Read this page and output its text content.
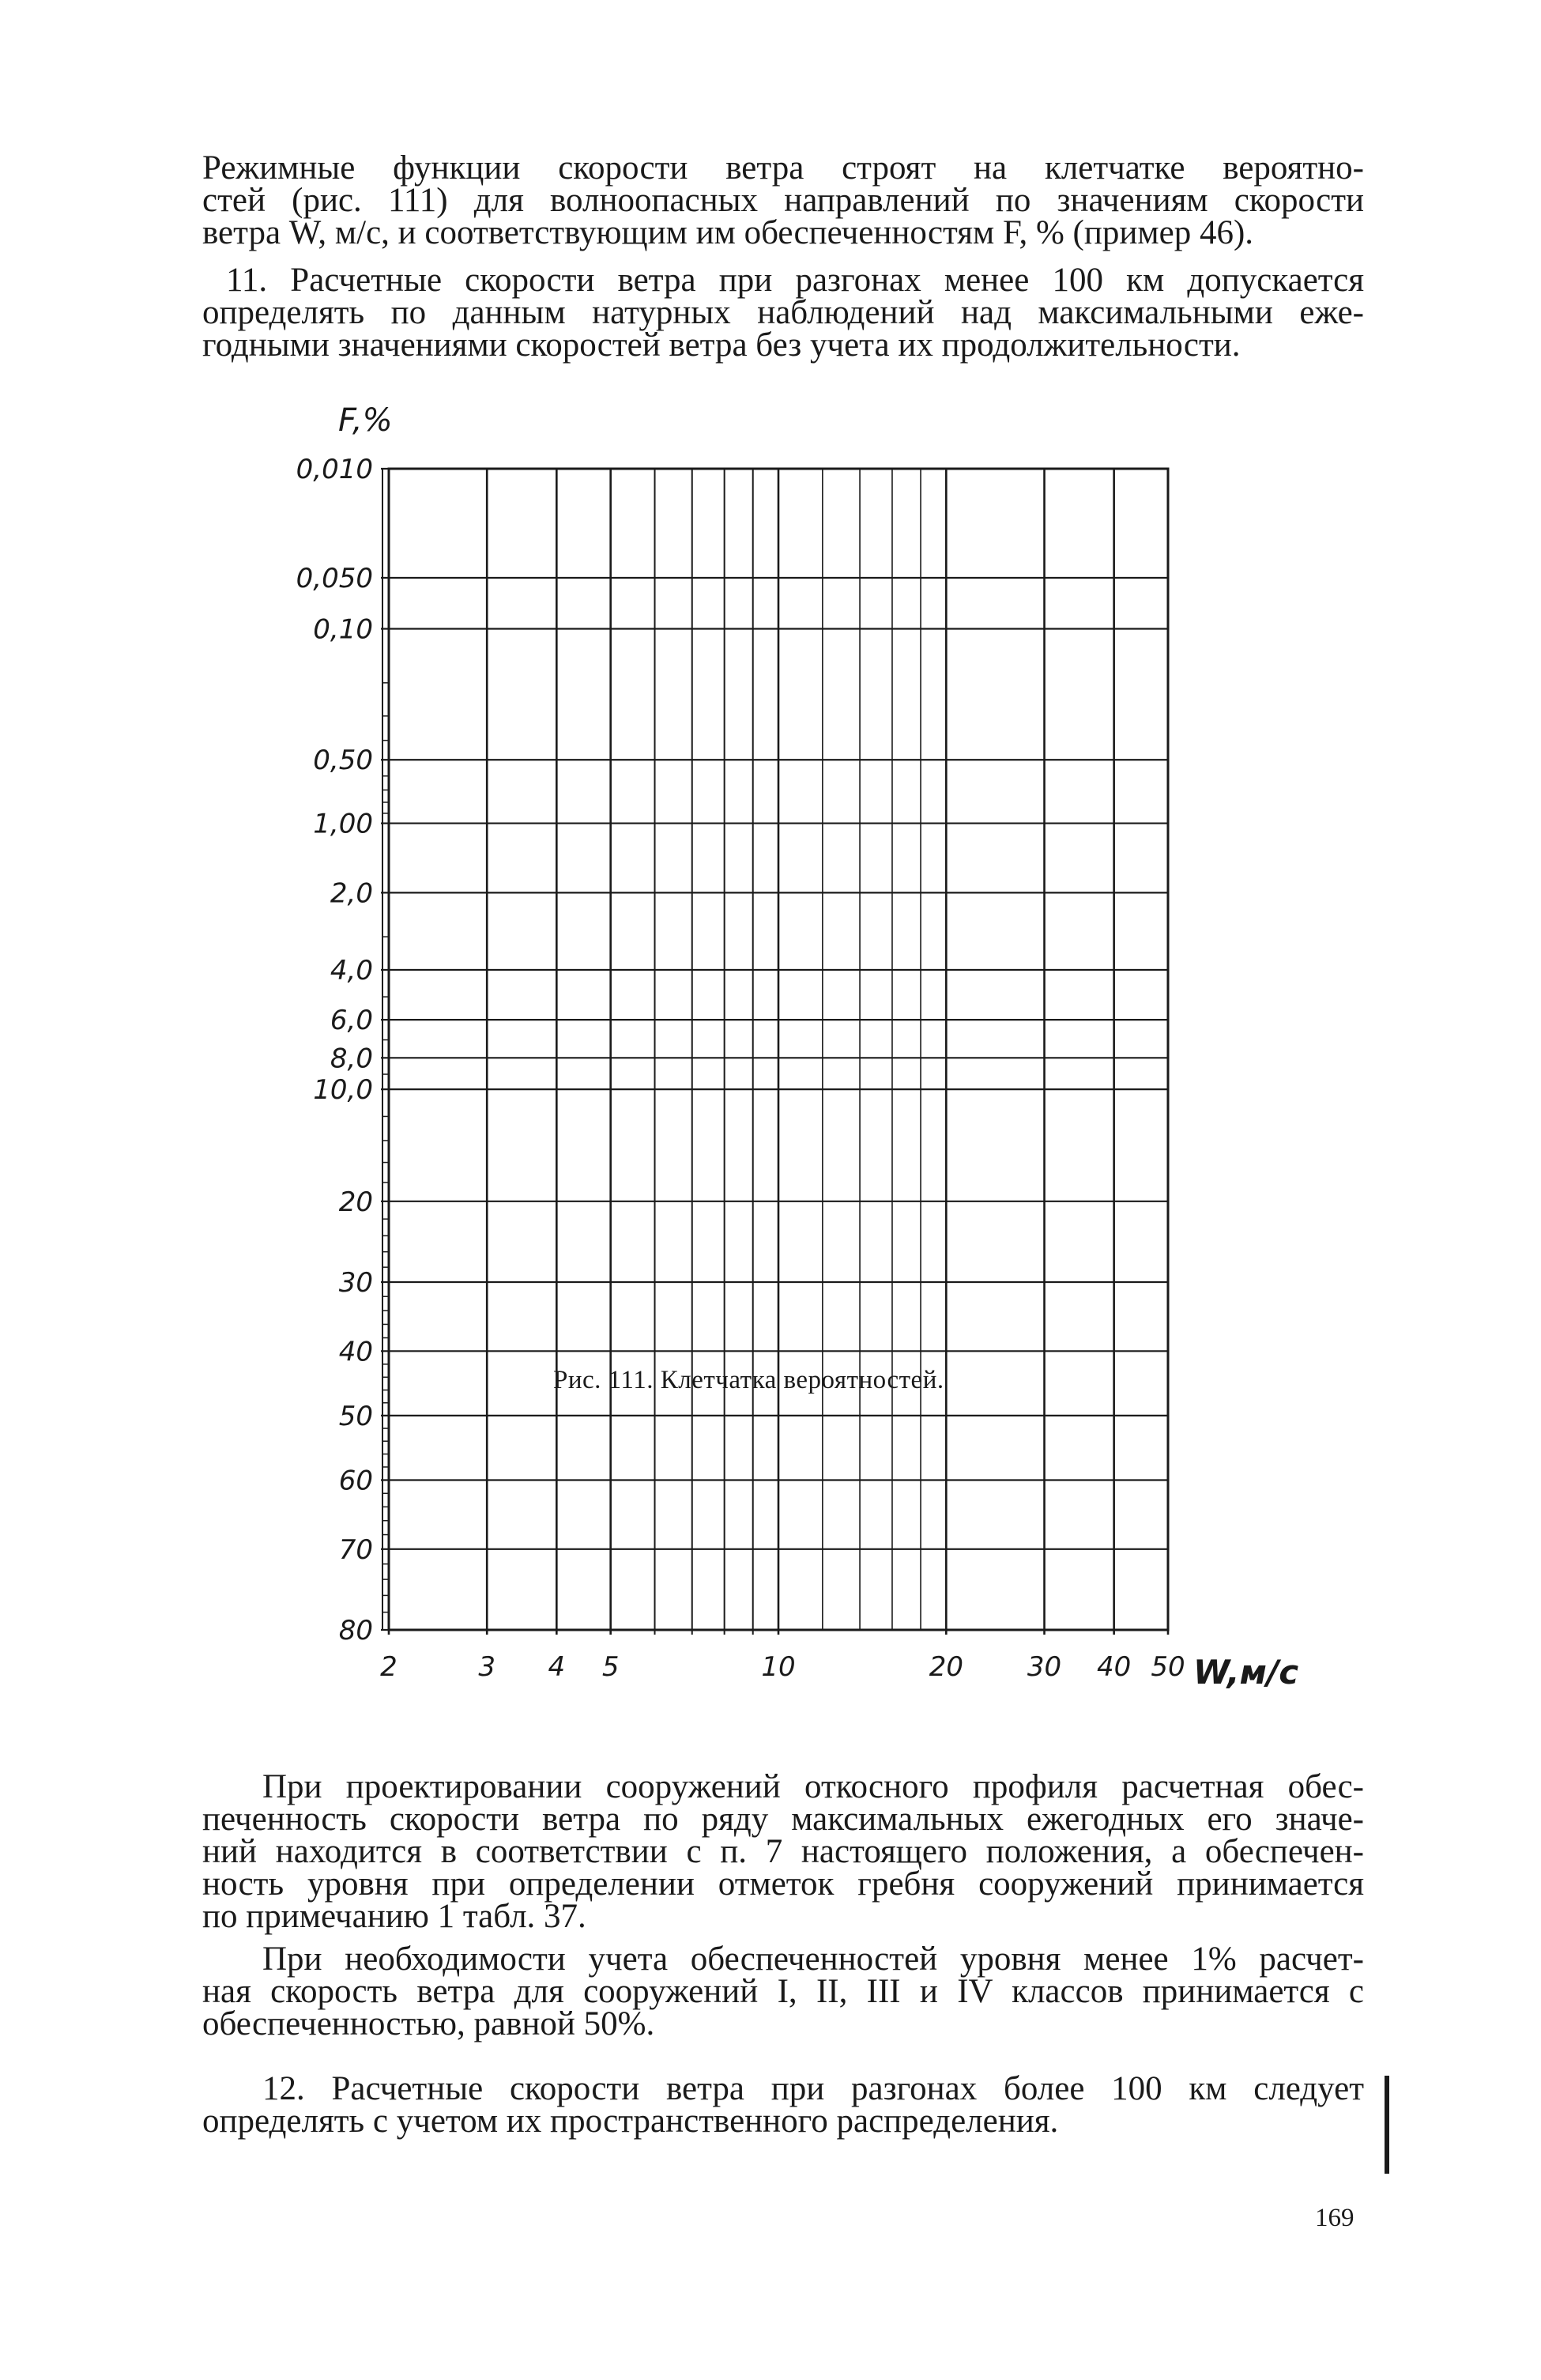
Режимные функции скорости ветра строят на клетчатке вероятно-
стей (рис. 111) для волноопасных направлений по значениям скорости
ветра W, м/с, и соответствующим им обеспеченностям F, % (пример 46).
11. Расчетные скорости ветра при разгонах менее 100 км допускается
определять по данным натурных наблюдений над максимальными еже-
годными значениями скоростей ветра без учета их продолжительности.
0,010
0,050
0,10
0,50
1,00
2,0
4,0
6,0
8,0
10,0
20
30
40
50
60
70
80
2	3 4 5	10	20 30 40 50
F,%
W,м/с
Рис. 111. Клетчатка вероятностей.
При проектировании сооружений откосного профиля расчетная обес-
печенность скорости ветра по ряду максимальных ежегодных его значе-
ний находится в соответствии с п. 7 настоящего положения, а обеспечен-
ность уровня при определении отметок гребня сооружений принимается
по примечанию 1 табл. 37.
При необходимости учета обеспеченностей уровня менее 1% расчет-
ная скорость ветра для сооружений I, II, III и IV классов принимается с
обеспеченностью, равной 50%.
12. Расчетные скорости ветра при разгонах более 100 км следует
определять с учетом их пространственного распределения.
169
